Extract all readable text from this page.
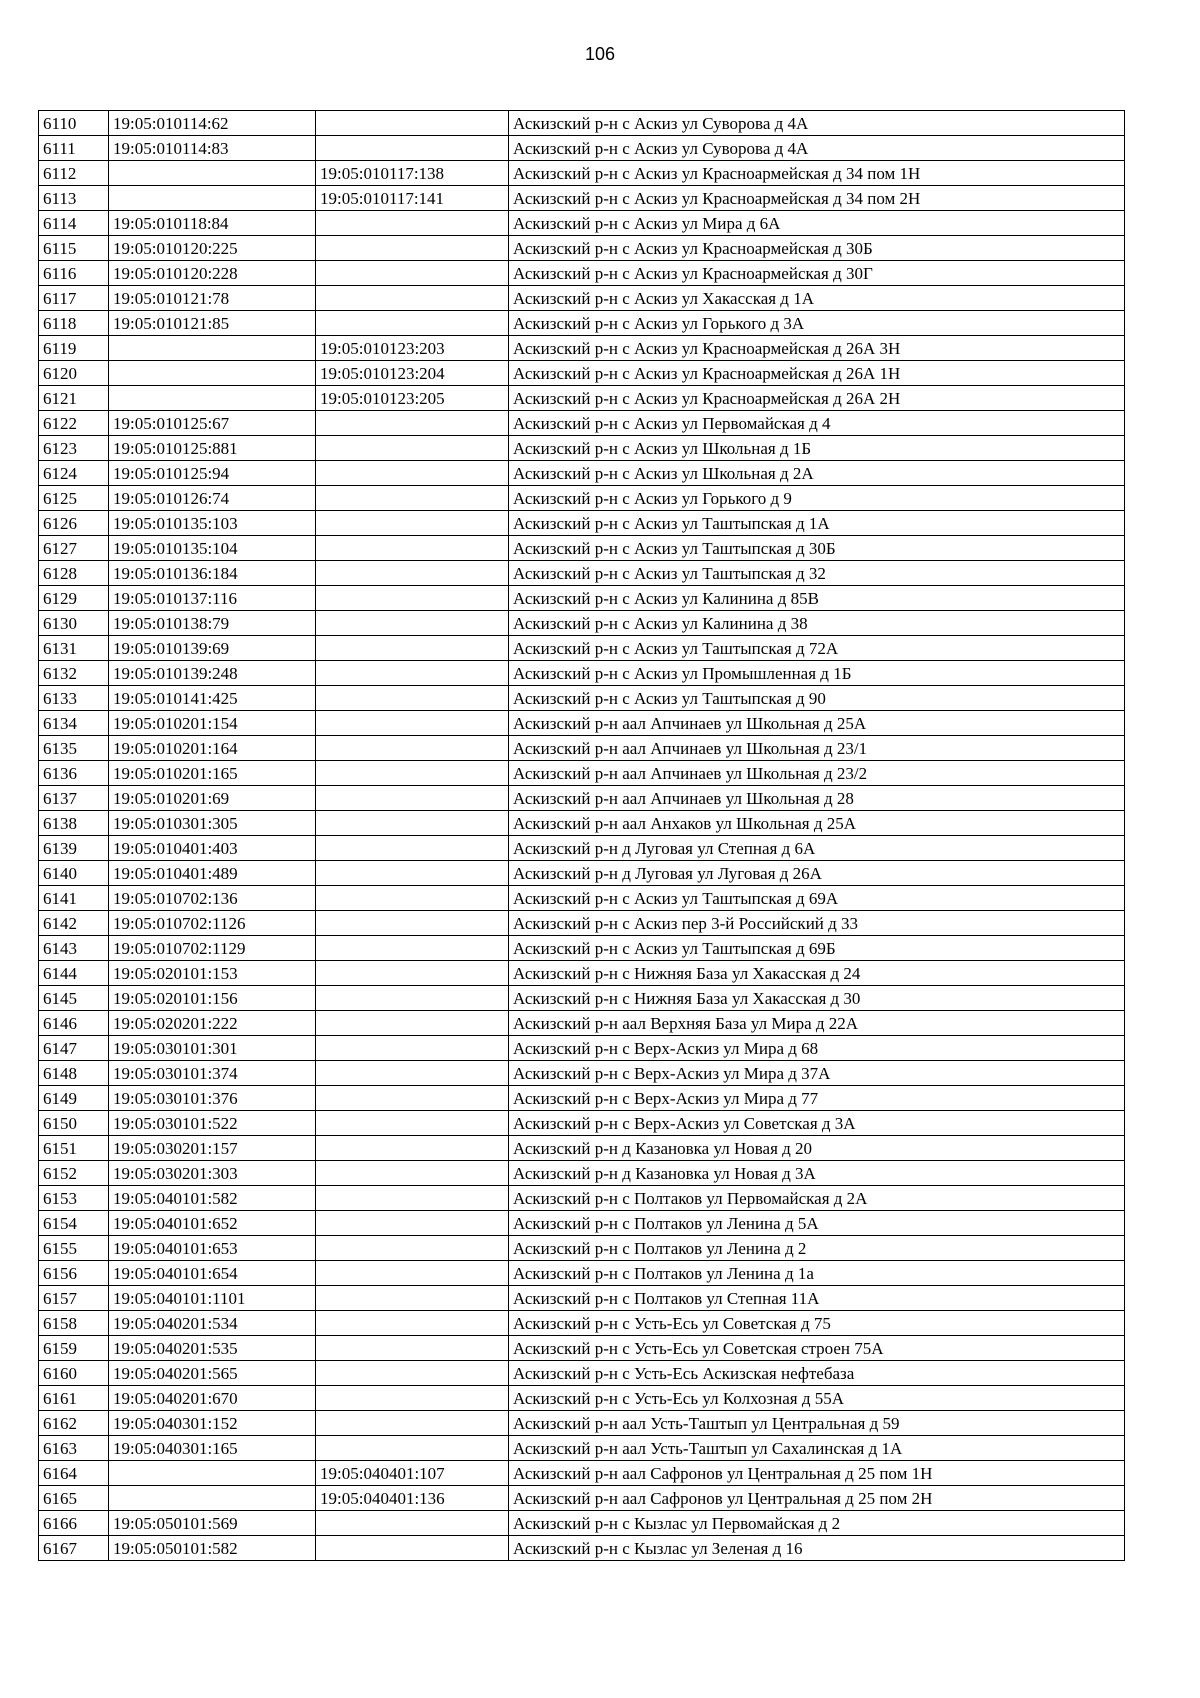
106
6110	19:05:010114:62		Аскизский р-н с Аскиз ул Суворова д 4А
6111	19:05:010114:83		Аскизский р-н с Аскиз ул Суворова д 4А
6112		19:05:010117:138	Аскизский р-н с Аскиз ул Красноармейская д 34 пом 1Н
6113		19:05:010117:141	Аскизский р-н с Аскиз ул Красноармейская д 34 пом 2Н
6114	19:05:010118:84		Аскизский р-н с Аскиз ул Мира д 6А
6115	19:05:010120:225		Аскизский р-н с Аскиз ул Красноармейская д 30Б
6116	19:05:010120:228		Аскизский р-н с Аскиз ул Красноармейская д 30Г
6117	19:05:010121:78		Аскизский р-н с Аскиз ул Хакасская д 1А
6118	19:05:010121:85		Аскизский р-н с Аскиз ул Горького д 3А
6119		19:05:010123:203	Аскизский р-н с Аскиз ул Красноармейская д 26А 3Н
6120		19:05:010123:204	Аскизский р-н с Аскиз ул Красноармейская д 26А 1Н
6121		19:05:010123:205	Аскизский р-н с Аскиз ул Красноармейская д 26А 2Н
6122	19:05:010125:67		Аскизский р-н с Аскиз ул Первомайская д 4
6123	19:05:010125:881		Аскизский р-н с Аскиз ул Школьная д 1Б
6124	19:05:010125:94		Аскизский р-н с Аскиз ул Школьная д 2А
6125	19:05:010126:74		Аскизский р-н с Аскиз ул Горького д 9
6126	19:05:010135:103		Аскизский р-н с Аскиз ул Таштыпская д 1А
6127	19:05:010135:104		Аскизский р-н с Аскиз ул Таштыпская д 30Б
6128	19:05:010136:184		Аскизский р-н с Аскиз ул Таштыпская д 32
6129	19:05:010137:116		Аскизский р-н с Аскиз ул Калинина д 85В
6130	19:05:010138:79		Аскизский р-н с Аскиз ул Калинина д 38
6131	19:05:010139:69		Аскизский р-н с Аскиз ул Таштыпская д 72А
6132	19:05:010139:248		Аскизский р-н с Аскиз ул Промышленная д 1Б
6133	19:05:010141:425		Аскизский р-н с Аскиз ул Таштыпская д 90
6134	19:05:010201:154		Аскизский р-н аал Апчинаев ул Школьная д 25А
6135	19:05:010201:164		Аскизский р-н аал Апчинаев ул Школьная д 23/1
6136	19:05:010201:165		Аскизский р-н аал Апчинаев ул Школьная д 23/2
6137	19:05:010201:69		Аскизский р-н аал Апчинаев ул Школьная д 28
6138	19:05:010301:305		Аскизский р-н аал Анхаков ул Школьная д 25А
6139	19:05:010401:403		Аскизский р-н д Луговая ул Степная д 6А
6140	19:05:010401:489		Аскизский р-н д Луговая ул Луговая д 26А
6141	19:05:010702:136		Аскизский р-н с Аскиз ул Таштыпская д 69А
6142	19:05:010702:1126		Аскизский р-н с Аскиз пер 3-й Российский д 33
6143	19:05:010702:1129		Аскизский р-н с Аскиз ул Таштыпская д 69Б
6144	19:05:020101:153		Аскизский р-н с Нижняя База ул Хакасская д 24
6145	19:05:020101:156		Аскизский р-н с Нижняя База ул Хакасская д 30
6146	19:05:020201:222		Аскизский р-н аал Верхняя База ул Мира д 22А
6147	19:05:030101:301		Аскизский р-н с Верх-Аскиз ул Мира д 68
6148	19:05:030101:374		Аскизский р-н с Верх-Аскиз ул Мира д 37А
6149	19:05:030101:376		Аскизский р-н с Верх-Аскиз ул Мира д 77
6150	19:05:030101:522		Аскизский р-н с Верх-Аскиз ул Советская д 3А
6151	19:05:030201:157		Аскизский р-н д Казановка ул Новая д 20
6152	19:05:030201:303		Аскизский р-н д Казановка ул Новая д 3А
6153	19:05:040101:582		Аскизский р-н с Полтаков ул Первомайская д 2А
6154	19:05:040101:652		Аскизский р-н с Полтаков ул Ленина д 5А
6155	19:05:040101:653		Аскизский р-н с Полтаков ул Ленина д 2
6156	19:05:040101:654		Аскизский р-н с Полтаков ул Ленина д 1а
6157	19:05:040101:1101		Аскизский р-н с Полтаков ул Степная 11А
6158	19:05:040201:534		Аскизский р-н с Усть-Есь ул Советская д 75
6159	19:05:040201:535		Аскизский р-н с Усть-Есь ул Советская строен 75А
6160	19:05:040201:565		Аскизский р-н с Усть-Есь Аскизская нефтебаза
6161	19:05:040201:670		Аскизский р-н с Усть-Есь ул Колхозная д 55А
6162	19:05:040301:152		Аскизский р-н аал Усть-Таштып ул Центральная д 59
6163	19:05:040301:165		Аскизский р-н аал Усть-Таштып ул Сахалинская д 1А
6164		19:05:040401:107	Аскизский р-н аал Сафронов ул Центральная д 25 пом 1Н
6165		19:05:040401:136	Аскизский р-н аал Сафронов ул Центральная д 25 пом 2Н
6166	19:05:050101:569		Аскизский р-н с Кызлас ул Первомайская д 2
6167	19:05:050101:582		Аскизский р-н с Кызлас ул Зеленая д 16
